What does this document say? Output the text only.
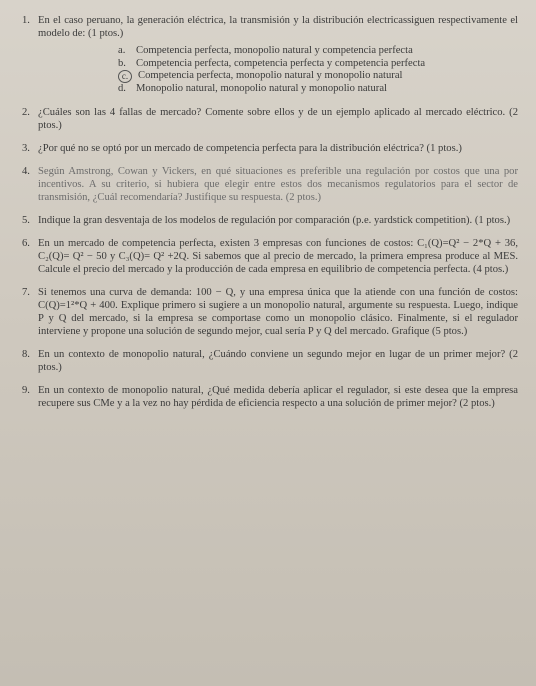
1. En el caso peruano, la generación eléctrica, la transmisión y la distribución electricassiguen respectivamente el modelo de: (1 ptos.)
a.	Competencia perfecta, monopolio natural y competencia perfecta
b. Competencia perfecta, competencia perfecta y competencia perfecta
c. Competencia perfecta, monopolio natural y monopolio natural
d. Monopolio natural, monopolio natural y monopolio natural
2. ¿Cuáles son las 4 fallas de mercado? Comente sobre ellos y de un ejemplo aplicado al mercado eléctrico. (2 ptos.)
3. ¿Por qué no se optó por un mercado de competencia perfecta para la distribución eléctrica? (1 ptos.)
4. Según Amstrong, Cowan y Vickers, en qué situaciones es preferible una regulación por costos que una por incentivos. A su criterio, si hubiera que elegir entre estos dos mecanismos regulatorios para el sector de transmisión, ¿Cuál recomendaría? Justifique su respuesta. (2 ptos.)
5. Indique la gran desventaja de los modelos de regulación por comparación (p.e. yardstick competition). (1 ptos.)
6. En un mercado de competencia perfecta, existen 3 empresas con funciones de costos: C₁(Q)=Q² − 2*Q + 36, C₂(Q)= Q² − 50 y C₃(Q)= Q² +2Q. Si sabemos que al precio de mercado, la primera empresa produce al MES. Calcule el precio del mercado y la producción de cada empresa en equilibrio de competencia perfecta. (4 ptos.)
7. Si tenemos una curva de demanda: 100 − Q, y una empresa única que la atiende con una función de costos: C(Q)=1²*Q + 400. Explique primero si sugiere a un monopolio natural, argumente su respuesta. Luego, indique P y Q del mercado, si la empresa se comportase como un monopolio clásico. Finalmente, si el regulador interviene y propone una solución de segundo mejor, cual sería P y Q del mercado. Grafique (5 ptos.)
8. En un contexto de monopolio natural, ¿Cuándo conviene un segundo mejor en lugar de un primer mejor? (2 ptos.)
9. En un contexto de monopolio natural, ¿Qué medida debería aplicar el regulador, si este desea que la empresa recupere sus CMe y a la vez no hay pérdida de eficiencia respecto a una solución de primer mejor? (2 ptos.)
